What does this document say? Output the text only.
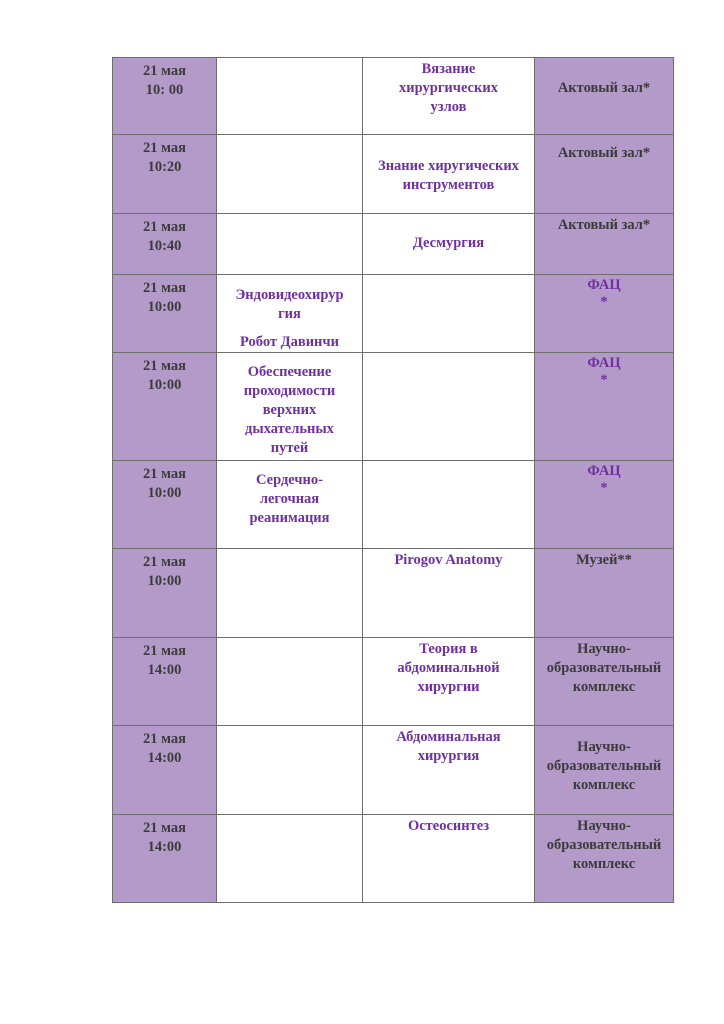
21 мая
10: 00		Вязание
хирургических
узлов	Актовый зал*

21 мая
10:20		Знание хиругических
инструментов	Актовый зал*

21 мая
10:40		Десмургия	Актовый зал*

21 мая
10:00	Эндовидеохирур
гия
Робот Давинчи		ФАЦ
*

21 мая
10:00	Обеспечение
проходимости
верхних
дыхательных
путей		ФАЦ
*

21 мая
10:00	Сердечно-
легочная
реанимация		ФАЦ
*

21 мая
10:00		Pirogov Anatomy	Музей**

21 мая
14:00		Теория в
абдоминальной
хирургии	Научно-
образовательный
комплекс

21 мая
14:00		Абдоминальная
хирургия	Научно-
образовательный
комплекс

21 мая
14:00		Остеосинтез	Научно-
образовательный
комплекс
